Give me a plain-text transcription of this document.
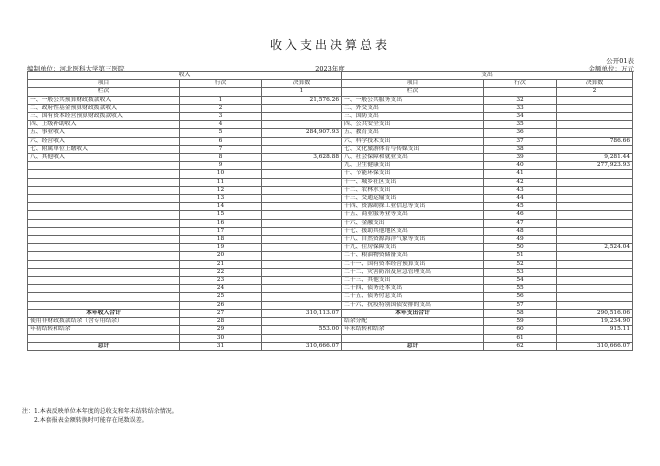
收入支出决算总表
公开01表
编制单位：河北医科大学第三医院	2023年度	金额单位：万元
收入			支出		
项目	行次	决算数	项目	行次	决算数
栏次		1	栏次		2
一、一般公共预算财政拨款收入	1	21,576.26	一、一般公共服务支出	32	
二、政府性基金预算财政拨款收入	2		二、外交支出	33	
三、国有资本经营预算财政拨款收入	3		三、国防支出	34	
四、上级补助收入	4		四、公共安全支出	35	
五、事业收入	5	284,907.93	五、教育支出	36	
六、经营收入	6		六、科学技术支出	37	786.66
七、附属单位上缴收入	7		七、文化旅游体育与传媒支出	38	
八、其他收入	8	3,628.88	八、社会保障和就业支出	39	9,281.44
	9		九、卫生健康支出	40	277,923.93
	10		十、节能环保支出	41	
	11		十一、城乡社区支出	42	
	12		十二、农林水支出	43	
	13		十三、交通运输支出	44	
	14		十四、资源勘探工业信息等支出	45	
	15		十五、商业服务业等支出	46	
	16		十六、金融支出	47	
	17		十七、援助其他地区支出	48	
	18		十八、自然资源海洋气象等支出	49	
	19		十九、住房保障支出	50	2,524.04
	20		二十、粮油物资储备支出	51	
	21		二十一、国有资本经营预算支出	52	
	22		二十二、灾害防治及应急管理支出	53	
	23		二十三、其他支出	54	
	24		二十四、债务还本支出	55	
	25		二十五、债务付息支出	56	
	26		二十六、抗疫特别国债安排的支出	57	
本年收入合计	27	310,113.07	本年支出合计	58	290,516.06
使用非财政拨款结余（含专用结余）	28		结余分配	59	19,234.90
年初结转和结余	29	553.00	年末结转和结余	60	915.11
	30			61	
总计	31	310,666.07	总计	62	310,666.07
注：1.本表反映单位本年度的总收支和年末结转结余情况。
2.本套报表金额转换时可能存在尾数误差。
